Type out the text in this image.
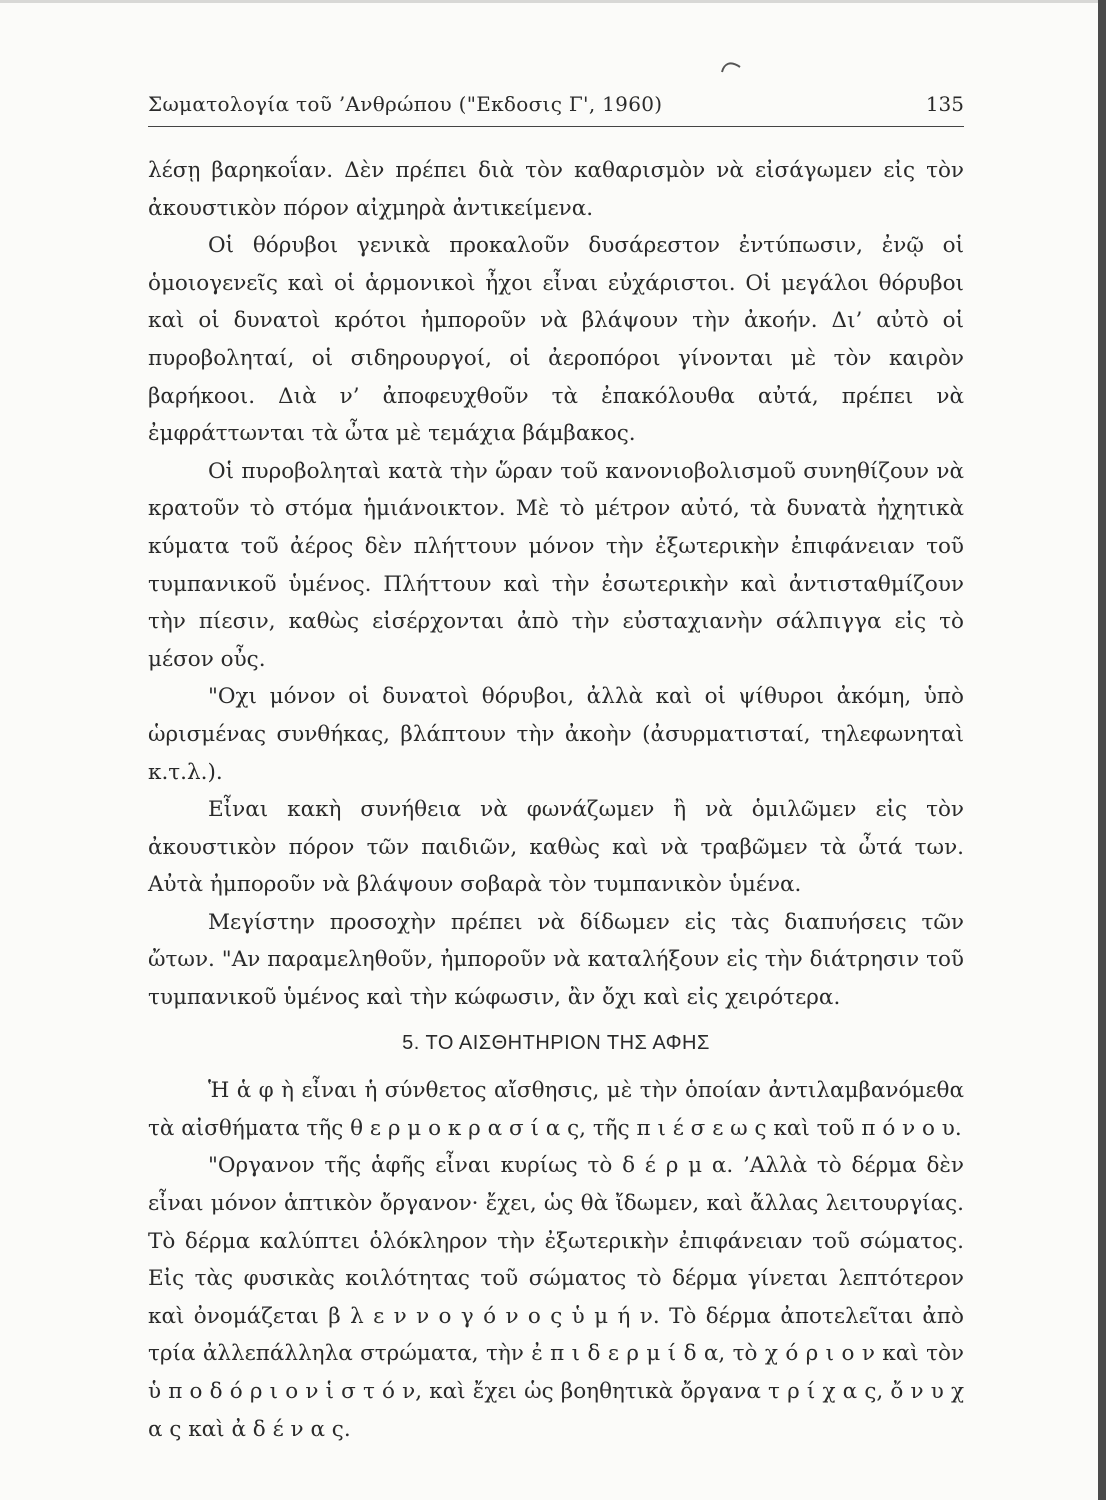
Σωματολογία τοῦ ’Ανθρώπου ("Εκδοσις Γ', 1960)	135

λέσῃ βαρηκοΐαν. Δὲν πρέπει διὰ τὸν καθαρισμὸν νὰ εἰσάγωμεν εἰς τὸν ἀκουστικὸν πόρον αἰχμηρὰ ἀντικείμενα.

Οἱ θόρυβοι γενικὰ προκαλοῦν δυσάρεστον ἐντύπωσιν, ἐνῷ οἱ ὁμοιογενεῖς καὶ οἱ ἁρμονικοὶ ἦχοι εἶναι εὐχάριστοι. Οἱ μεγάλοι θόρυβοι καὶ οἱ δυνατοὶ κρότοι ἠμποροῦν νὰ βλάψουν τὴν ἀκοήν. Δι’ αὐτὸ οἱ πυροβοληταί, οἱ σιδηρουργοί, οἱ ἀεροπόροι γίνονται μὲ τὸν καιρὸν βαρήκοοι. Διὰ ν’ ἀποφευχθοῦν τὰ ἐπακόλουθα αὐτά, πρέπει νὰ ἐμφράττωνται τὰ ὦτα μὲ τεμάχια βάμβακος.

Οἱ πυροβοληταὶ κατὰ τὴν ὥραν τοῦ κανονιοβολισμοῦ συνηθίζουν νὰ κρατοῦν τὸ στόμα ἡμιάνοικτον. Μὲ τὸ μέτρον αὐτό, τὰ δυνατὰ ἠχητικὰ κύματα τοῦ ἀέρος δὲν πλήττουν μόνον τὴν ἐξωτερικὴν ἐπιφάνειαν τοῦ τυμπανικοῦ ὑμένος. Πλήττουν καὶ τὴν ἐσωτερικὴν καὶ ἀντισταθμίζουν τὴν πίεσιν, καθὼς εἰσέρχονται ἀπὸ τὴν εὐσταχιανὴν σάλπιγγα εἰς τὸ μέσον οὖς.

"Οχι μόνον οἱ δυνατοὶ θόρυβοι, ἀλλὰ καὶ οἱ ψίθυροι ἀκόμη, ὑπὸ ὡρισμένας συνθήκας, βλάπτουν τὴν ἀκοὴν (ἀσυρματισταί, τηλεφωνηταὶ κ.τ.λ.).

Εἶναι κακὴ συνήθεια νὰ φωνάζωμεν ἢ νὰ ὁμιλῶμεν εἰς τὸν ἀκουστικὸν πόρον τῶν παιδιῶν, καθὼς καὶ νὰ τραβῶμεν τὰ ὦτά των. Αὐτὰ ἠμποροῦν νὰ βλάψουν σοβαρὰ τὸν τυμπανικὸν ὑμένα.

Μεγίστην προσοχὴν πρέπει νὰ δίδωμεν εἰς τὰς διαπυήσεις τῶν ὤτων. "Αν παραμεληθοῦν, ἠμποροῦν νὰ καταλήξουν εἰς τὴν διάτρησιν τοῦ τυμπανικοῦ ὑμένος καὶ τὴν κώφωσιν, ἂν ὄχι καὶ εἰς χειρότερα.

5. ΤΟ ΑΙΣΘΗΤΗΡΙΟΝ ΤΗΣ ΑΦΗΣ

Ἡ ἁ φ ὴ εἶναι ἡ σύνθετος αἴσθησις, μὲ τὴν ὁποίαν ἀντιλαμβανόμεθα τὰ αἰσθήματα τῆς θ ε ρ μ ο κ ρ α σ ί α ς, τῆς π ι έ σ ε ω ς καὶ τοῦ π ό ν ο υ.

"Οργανον τῆς ἁφῆς εἶναι κυρίως τὸ δ έ ρ μ α. ’Αλλὰ τὸ δέρμα δὲν εἶναι μόνον ἁπτικὸν ὄργανον· ἔχει, ὡς θὰ ἴδωμεν, καὶ ἄλλας λειτουργίας. Τὸ δέρμα καλύπτει ὁλόκληρον τὴν ἐξωτερικὴν ἐπιφάνειαν τοῦ σώματος. Εἰς τὰς φυσικὰς κοιλότητας τοῦ σώματος τὸ δέρμα γίνεται λεπτότερον καὶ ὀνομάζεται β λ ε ν ν ο γ ό ν ο ς ὑ μ ή ν. Τὸ δέρμα ἀποτελεῖται ἀπὸ τρία ἀλλεπάλληλα στρώματα, τὴν ἐ π ι δ ε ρ μ ί δ α, τὸ χ ό ρ ι ο ν καὶ τὸν ὑ π ο δ ό ρ ι ο ν ἱ σ τ ό ν, καὶ ἔχει ὡς βοηθητικὰ ὄργανα τ ρ ί χ α ς, ὄ ν υ χ α ς καὶ ἀ δ έ ν α ς.
